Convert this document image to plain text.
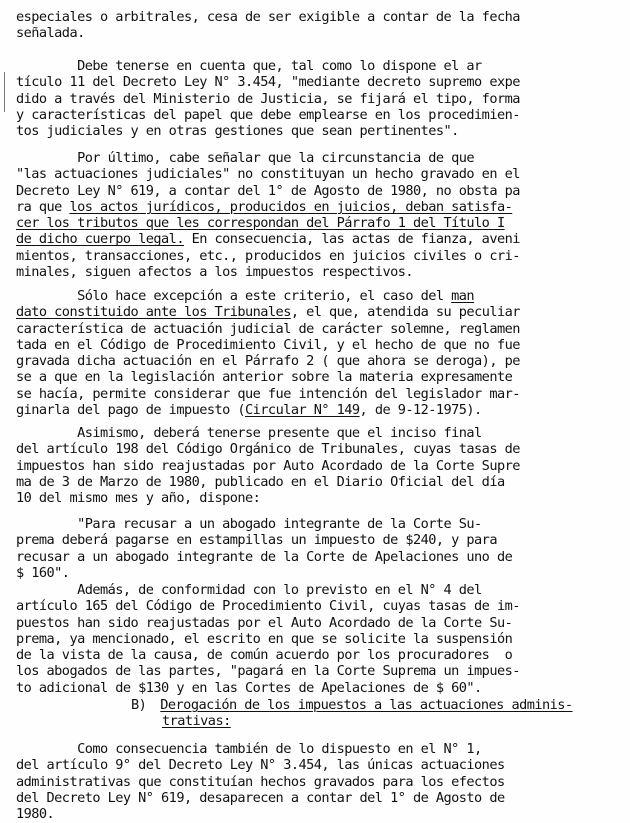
especiales o arbitrales, cesa de ser exigible a contar de la fecha
señalada.
Debe tenerse en cuenta que, tal como lo dispone el ar
tículo 11 del Decreto Ley N° 3.454, "mediante decreto supremo expe
dido a través del Ministerio de Justicia, se fijará el tipo, forma
y características del papel que debe emplearse en los procedimien-
tos judiciales y en otras gestiones que sean pertinentes".
Por último, cabe señalar que la circunstancia de que
"las actuaciones judiciales" no constituyan un hecho gravado en el
Decreto Ley N° 619, a contar del 1° de Agosto de 1980, no obsta pa
ra que los actos jurídicos, producidos en juicios, deban satisfa-
cer los tributos que les correspondan del Párrafo 1 del Título I
de dicho cuerpo legal. En consecuencia, las actas de fianza, aveni
mientos, transacciones, etc., producidos en juicios civiles o cri-
minales, siguen afectos a los impuestos respectivos.
Sólo hace excepción a este criterio, el caso del man
dato constituido ante los Tribunales, el que, atendida su peculiar
característica de actuación judicial de carácter solemne, reglamen
tada en el Código de Procedimiento Civil, y el hecho de que no fue
gravada dicha actuación en el Párrafo 2 ( que ahora se deroga), pe
se a que en la legislación anterior sobre la materia expresamente
se hacía, permite considerar que fue intención del legislador mar-
ginarla del pago de impuesto (Circular N° 149, de 9-12-1975).
Asimismo, deberá tenerse presente que el inciso final
del artículo 198 del Código Orgánico de Tribunales, cuyas tasas de
impuestos han sido reajustadas por Auto Acordado de la Corte Supre
ma de 3 de Marzo de 1980, publicado en el Diario Oficial del día
10 del mismo mes y año, dispone:
"Para recusar a un abogado integrante de la Corte Su-
prema deberá pagarse en estampillas un impuesto de $240, y para
recusar a un abogado integrante de la Corte de Apelaciones uno de
$ 160".
Además, de conformidad con lo previsto en el N° 4 del
artículo 165 del Código de Procedimiento Civil, cuyas tasas de im-
puestos han sido reajustadas por el Auto Acordado de la Corte Su-
prema, ya mencionado, el escrito en que se solicite la suspensión
de la vista de la causa, de común acuerdo por los procuradores  o
los abogados de las partes, "pagará en la Corte Suprema un impues-
to adicional de $130 y en las Cortes de Apelaciones de $ 60".
B) Derogación de los impuestos a las actuaciones adminis-
trativas:
Como consecuencia también de lo dispuesto en el N° 1,
del artículo 9° del Decreto Ley N° 3.454, las únicas actuaciones
administrativas que constituían hechos gravados para los efectos
del Decreto Ley N° 619, desaparecen a contar del 1° de Agosto de
1980.
